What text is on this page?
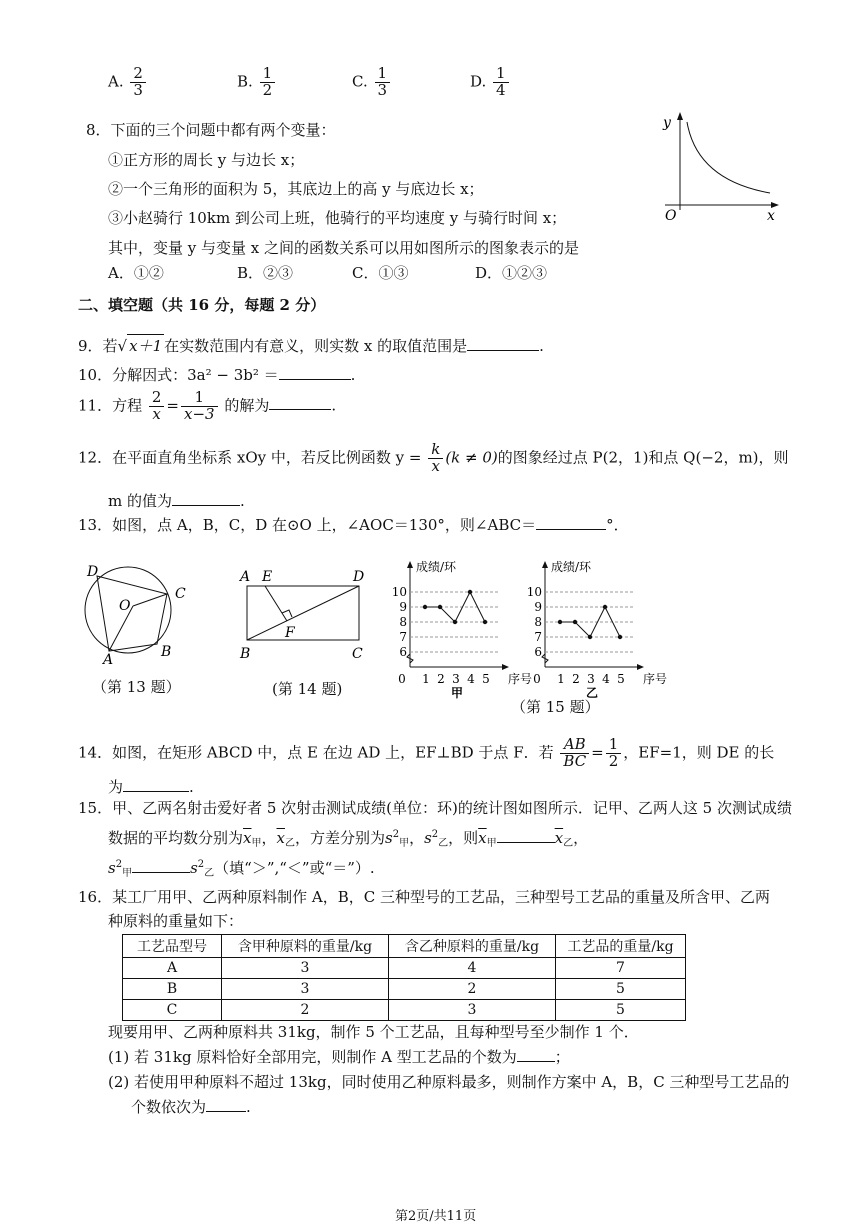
A. $\frac{2}{3}$	B. $\frac{1}{2}$	C. $\frac{1}{3}$	D. $\frac{1}{4}$
8．下面的三个问题中都有两个变量：
①正方形的周长 y 与边长 x；
②一个三角形的面积为 5，其底边上的高 y 与底边长 x；
③小赵骑行 10km 到公司上班，他骑行的平均速度 y 与骑行时间 x；
其中，变量 y 与变量 x 之间的函数关系可以用如图所示的图象表示的是
A．①②	B．②③	C．①③	D．①②③
y
x
O
二、填空题（共 16 分，每题 2 分）
9．若√ x＋1 在实数范围内有意义，则实数 x 的取值范围是	.
10．分解因式：3a² − 3b² ＝	.
11．方程 $\frac{2}{x} = \frac{1}{x-3}$ 的解为	.
12．在平面直角坐标系 xOy 中，若反比例函数 $y = \frac{k}{x} (k \ne 0)$的图象经过点 P(2，1)和点 Q(−2，m)，则
m 的值为	.
13．如图，点 A，B，C，D 在⊙O 上，∠AOC＝130°，则∠ABC＝	°．
D
C
O
A	B
（第 13 题）
A E	D
F
B	C
(第 14 题)
10
9
8
7
6
0 1 2 3 4 5
成绩/环
序号
甲
10
9
8
7
6
0 1 2 3 4 5
成绩/环
序号
乙
（第 15 题）
14．如图，在矩形 ABCD 中，点 E 在边 AD 上，EF⊥BD 于点 F．若 $\frac{AB}{BC} = \frac{1}{2}$ ，EF=1，则 DE 的长
为	.
15．甲、乙两名射击爱好者 5 次射击测试成绩(单位：环)的统计图如图所示．记甲、乙两人这 5 次测试成绩
数据的平均数分别为$\overline{x}_甲$，$\overline{x}_乙$，方差分别为$s^2_甲$，$s^2_乙$，则$\overline{x}_甲$	$\overline{x}_乙$，
$s^2_甲$	$s^2_乙$（填“＞”,“＜”或“＝”）.
16．某工厂用甲、乙两种原料制作 A，B，C 三种型号的工艺品，三种型号工艺品的重量及所含甲、乙两
种原料的重量如下：
工艺品型号	含甲种原料的重量/kg	含乙种原料的重量/kg	工艺品的重量/kg
A	3	4	7
B	3	2	5
C	2	3	5
现要用甲、乙两种原料共 31kg，制作 5 个工艺品，且每种型号至少制作 1 个．
(1) 若 31kg 原料恰好全部用完，则制作 A 型工艺品的个数为	；
(2) 若使用甲种原料不超过 13kg，同时使用乙种原料最多，则制作方案中 A，B，C 三种型号工艺品的
个数依次为	.
第2页/共11页
